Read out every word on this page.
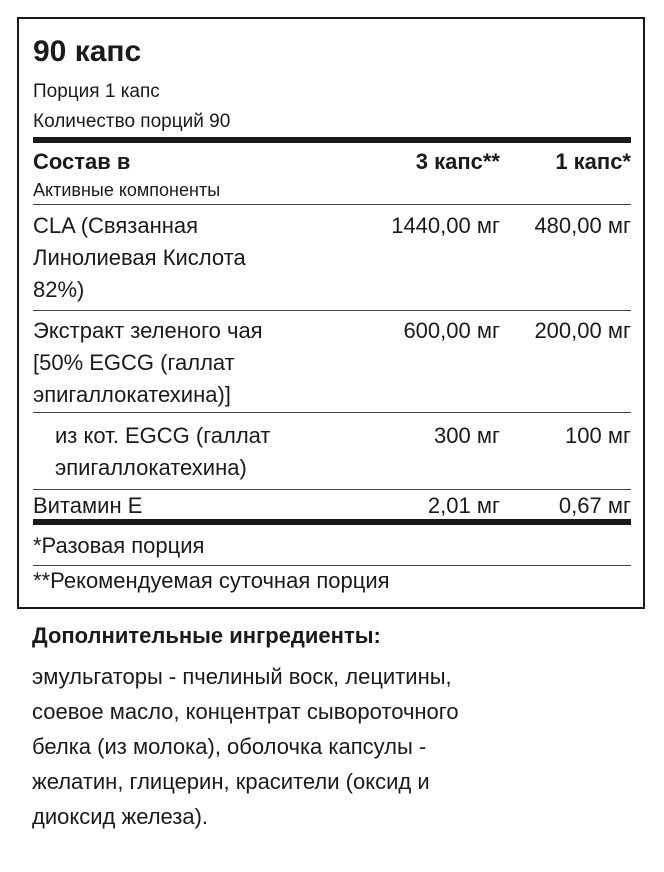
90 капс
Порция 1 капс
Количество порций 90
Состав в	3 капс**	1 капс*
Активные компоненты
CLA (Связанная
Линолиевая Кислота
82%)
1440,00 мг 480,00 мг
Экстракт зеленого чая
[50% EGCG (галлат
эпигаллокатехина)]
600,00 мг 200,00 мг
из кот. EGCG (галлат
эпигаллокатехина)
300 мг	100 мг
Витамин E	2,01 мг	0,67 мг
*Разовая порция
**Рекомендуемая суточная порция
Дополнительные ингредиенты:
эмульгаторы - пчелиный воск, лецитины,
соевое масло, концентрат сывороточного
белка (из молока), оболочка капсулы -
желатин, глицерин, красители (оксид и
диоксид железа).
